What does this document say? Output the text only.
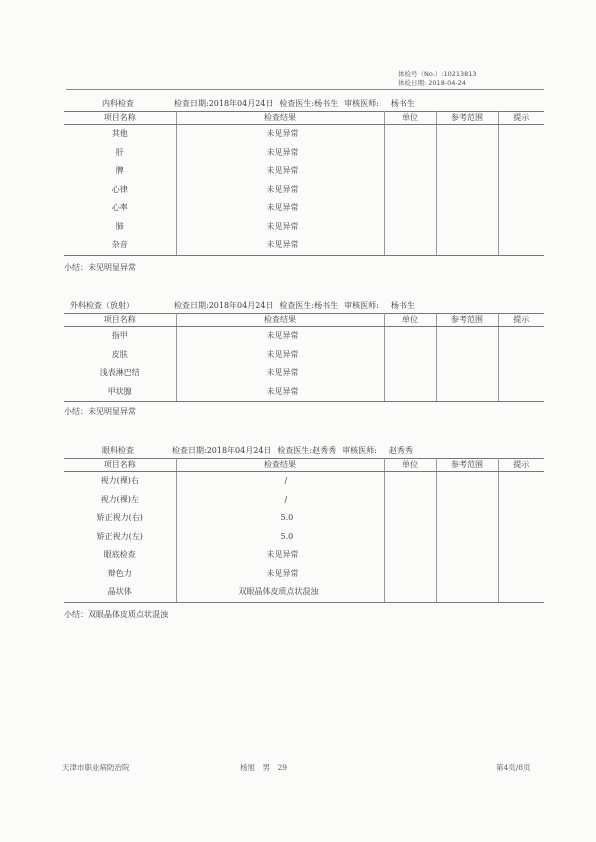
体检号（No.）:10213813
体检日期: 2018-04-24
内科检查	检查日期:2018年04月24日 检查医生:杨书生 审核医师: 杨书生
项目名称	检查结果	单位	参考范围	提示
其他	未见异常			
肝	未见异常			
脾	未见异常			
心律	未见异常			
心率	未见异常			
肺	未见异常			
杂音	未见异常			
小结：未见明显异常
外科检查（放射）	检查日期:2018年04月24日 检查医生:杨书生 审核医师: 杨书生
项目名称	检查结果	单位	参考范围	提示
指甲	未见异常			
皮肤	未见异常			
浅表淋巴结	未见异常			
甲状腺	未见异常			
小结：未见明显异常
眼科检查	检查日期:2018年04月24日 检查医生:赵秀秀 审核医师: 赵秀秀
项目名称	检查结果	单位	参考范围	提示
视力(裸)右	/			
视力(裸)左	/			
矫正视力(右)	5.0			
矫正视力(左)	5.0			
眼底检查	未见异常			
辩色力	未见异常			
晶状体	双眼晶体皮质点状混浊			
小结：双眼晶体皮质点状混浊
天津市职业病防治院	杨旭　男　29	第4页/8页
